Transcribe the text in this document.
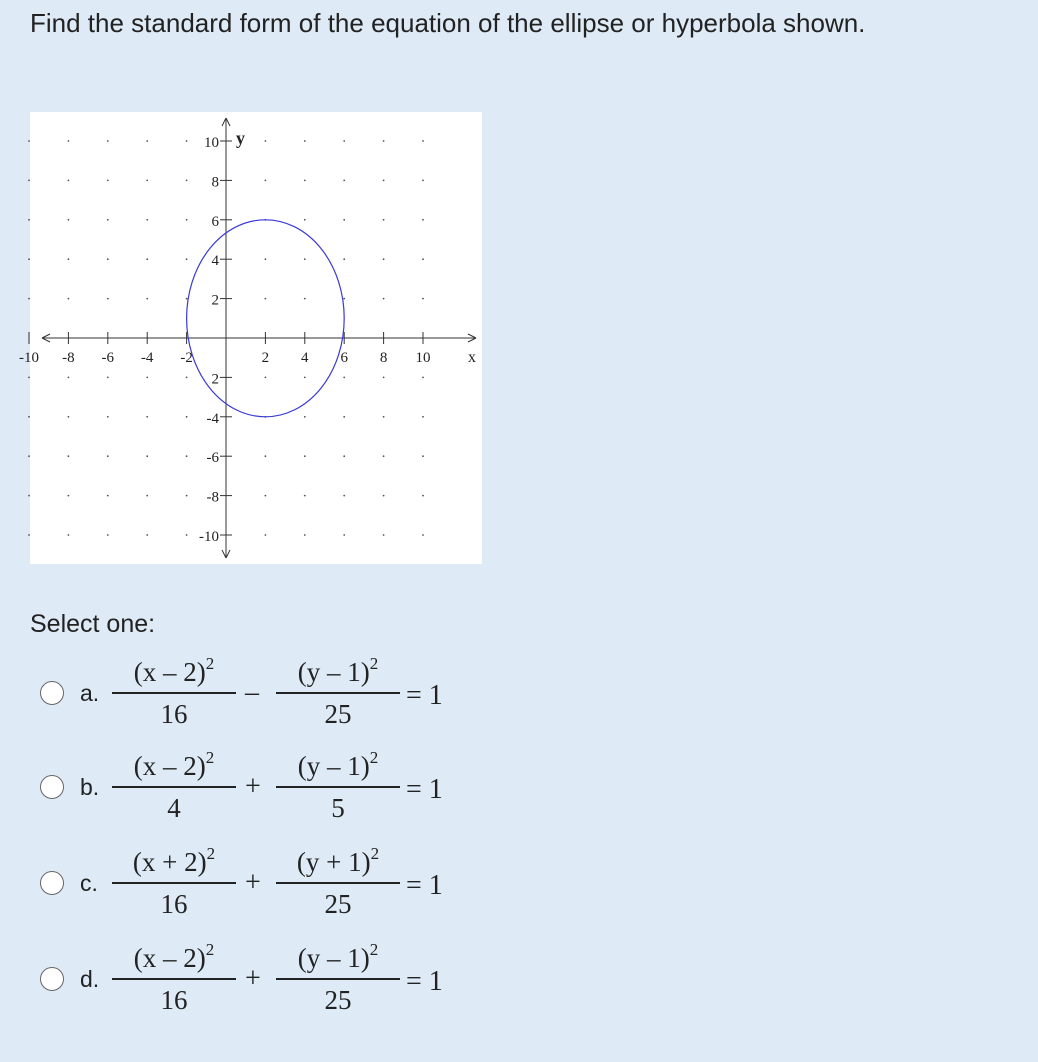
Find the standard form of the equation of the ellipse or hyperbola shown.
-10 -8 -6 -4 -2	2 4 6 8 10
10
8
6
4
2
2
-4
-6
-8
-10
x
y
Select one:
a.
(x – 2)$^2$
16
–
(y – 1)$^2$
25
= 1
b.
(x – 2)$^2$
4
+
(y – 1)$^2$
5
= 1
c.
$(x + 2)^2$
16
+
$(y + 1)^2$
25
= 1
d.
(x – 2)$^2$
16
+
(y – 1)$^2$
25
= 1
